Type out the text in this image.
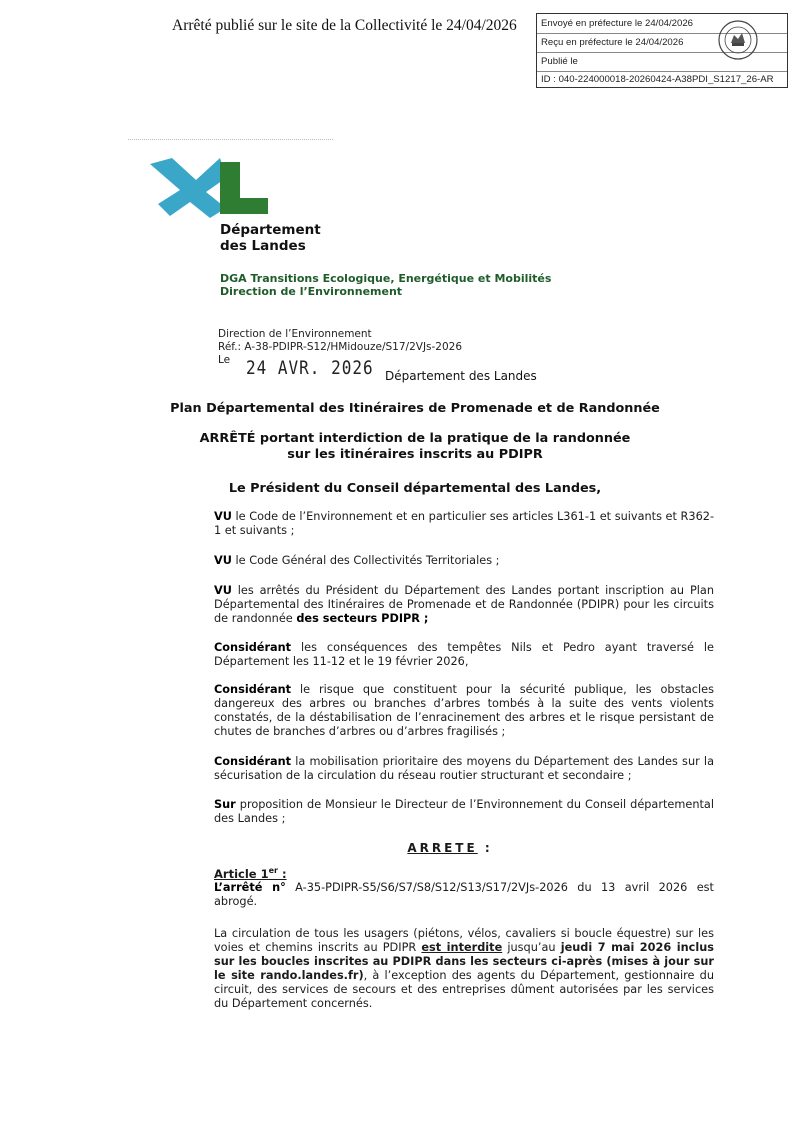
Arrêté publié sur le site de la Collectivité le 24/04/2026	Envoyé en préfecture le 24/04/2026
Reçu en préfecture le 24/04/2026
Publié le
ID : 040-224000018-20260424-A38PDI_S1217_26-AR
Département
des Landes
DGA Transitions Ecologique, Energétique et Mobilités
Direction de l’Environnement
Direction de l’Environnement
Réf.: A-38-PDIPR-S12/HMidouze/S17/2VJs-2026
Le 24 AVR. 2026 Département des Landes
Plan Départemental des Itinéraires de Promenade et de Randonnée
ARRÊTÉ portant interdiction de la pratique de la randonnée
sur les itinéraires inscrits au PDIPR
Le Président du Conseil départemental des Landes,
VU le Code de l’Environnement et en particulier ses articles L361-1 et suivants et R362-1 et suivants ;
VU le Code Général des Collectivités Territoriales ;
VU les arrêtés du Président du Département des Landes portant inscription au Plan Départemental des Itinéraires de Promenade et de Randonnée (PDIPR) pour les circuits de randonnée des secteurs PDIPR ;
Considérant les conséquences des tempêtes Nils et Pedro ayant traversé le Département les 11-12 et le 19 février 2026,
Considérant le risque que constituent pour la sécurité publique, les obstacles dangereux des arbres ou branches d’arbres tombés à la suite des vents violents constatés, de la déstabilisation de l’enracinement des arbres et le risque persistant de chutes de branches d’arbres ou d’arbres fragilisés ;
Considérant la mobilisation prioritaire des moyens du Département des Landes sur la sécurisation de la circulation du réseau routier structurant et secondaire ;
Sur proposition de Monsieur le Directeur de l’Environnement du Conseil départemental des Landes ;
ARRETE :
Article 1er :
L’arrêté n° A-35-PDIPR-S5/S6/S7/S8/S12/S13/S17/2VJs-2026 du 13 avril 2026 est abrogé.
La circulation de tous les usagers (piétons, vélos, cavaliers si boucle équestre) sur les voies et chemins inscrits au PDIPR est interdite jusqu’au jeudi 7 mai 2026 inclus sur les boucles inscrites au PDIPR dans les secteurs ci-après (mises à jour sur le site rando.landes.fr), à l’exception des agents du Département, gestionnaire du circuit, des services de secours et des entreprises dûment autorisées par les services du Département concernés.
